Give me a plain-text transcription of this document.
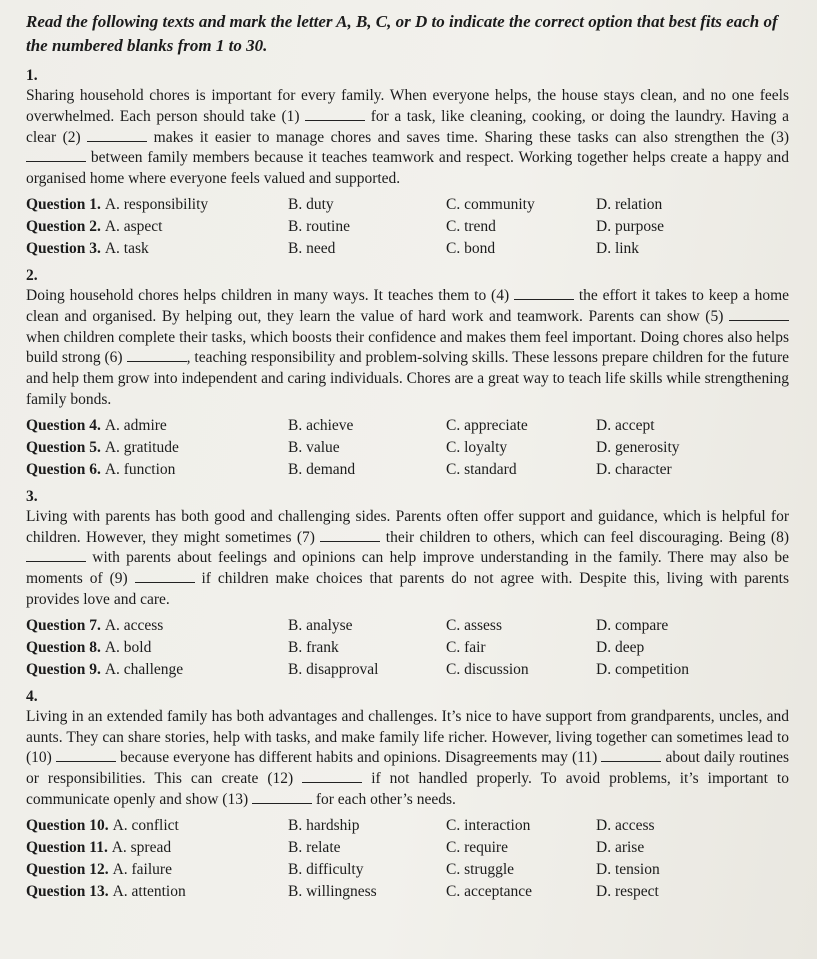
Read the following texts and mark the letter A, B, C, or D to indicate the correct option that best fits each of the numbered blanks from 1 to 30.

1.

Sharing household chores is important for every family. When everyone helps, the house stays clean, and no one feels overwhelmed. Each person should take (1)	for a task, like cleaning, cooking, or doing the laundry. Having a clear (2)	makes it easier to manage chores and saves time. Sharing these tasks can also strengthen the (3)  between family members because it teaches teamwork and respect. Working together helps create a happy and organised home where everyone feels valued and supported.

Question 1. A. responsibility	B. duty	C. community	D. relation
Question 2. A. aspect	B. routine	C. trend	D. purpose
Question 3. A. task	B. need	C. bond	D. link
2.

Doing household chores helps children in many ways. It teaches them to (4)	the effort it takes to keep a home clean and organised. By helping out, they learn the value of hard work and teamwork. Parents can show (5)  when children complete their tasks, which boosts their confidence and makes them feel important. Doing chores also helps build strong (6)	, teaching responsibility and problem-solving skills. These lessons prepare children for the future and help them grow into independent and caring individuals. Chores are a great way to teach life skills while strengthening family bonds.

Question 4. A. admire	B. achieve	C. appreciate	D. accept
Question 5. A. gratitude	B. value	C. loyalty	D. generosity
Question 6. A. function	B. demand	C. standard	D. character
3.

Living with parents has both good and challenging sides. Parents often offer support and guidance, which is helpful for children. However, they might sometimes (7)	their children to others, which can feel discouraging. Being (8)  with parents about feelings and opinions can help improve understanding in the family. There may also be moments of (9)	if children make choices that parents do not agree with. Despite this, living with parents provides love and care.

Question 7. A. access	B. analyse	C. assess	D. compare
Question 8. A. bold	B. frank	C. fair	D. deep
Question 9. A. challenge	B. disapproval	C. discussion	D. competition
4.

Living in an extended family has both advantages and challenges. It’s nice to have support from grandparents, uncles, and aunts. They can share stories, help with tasks, and make family life richer. However, living together can sometimes lead to (10)	because everyone has different habits and opinions. Disagreements may (11)	about daily routines or responsibilities. This can create (12)	if not handled properly. To avoid problems, it’s important to communicate openly and show (13)	for each other’s needs.

Question 10. A. conflict	B. hardship	C. interaction	D. access
Question 11. A. spread	B. relate	C. require	D. arise
Question 12. A. failure	B. difficulty	C. struggle	D. tension
Question 13. A. attention	B. willingness	C. acceptance	D. respect
